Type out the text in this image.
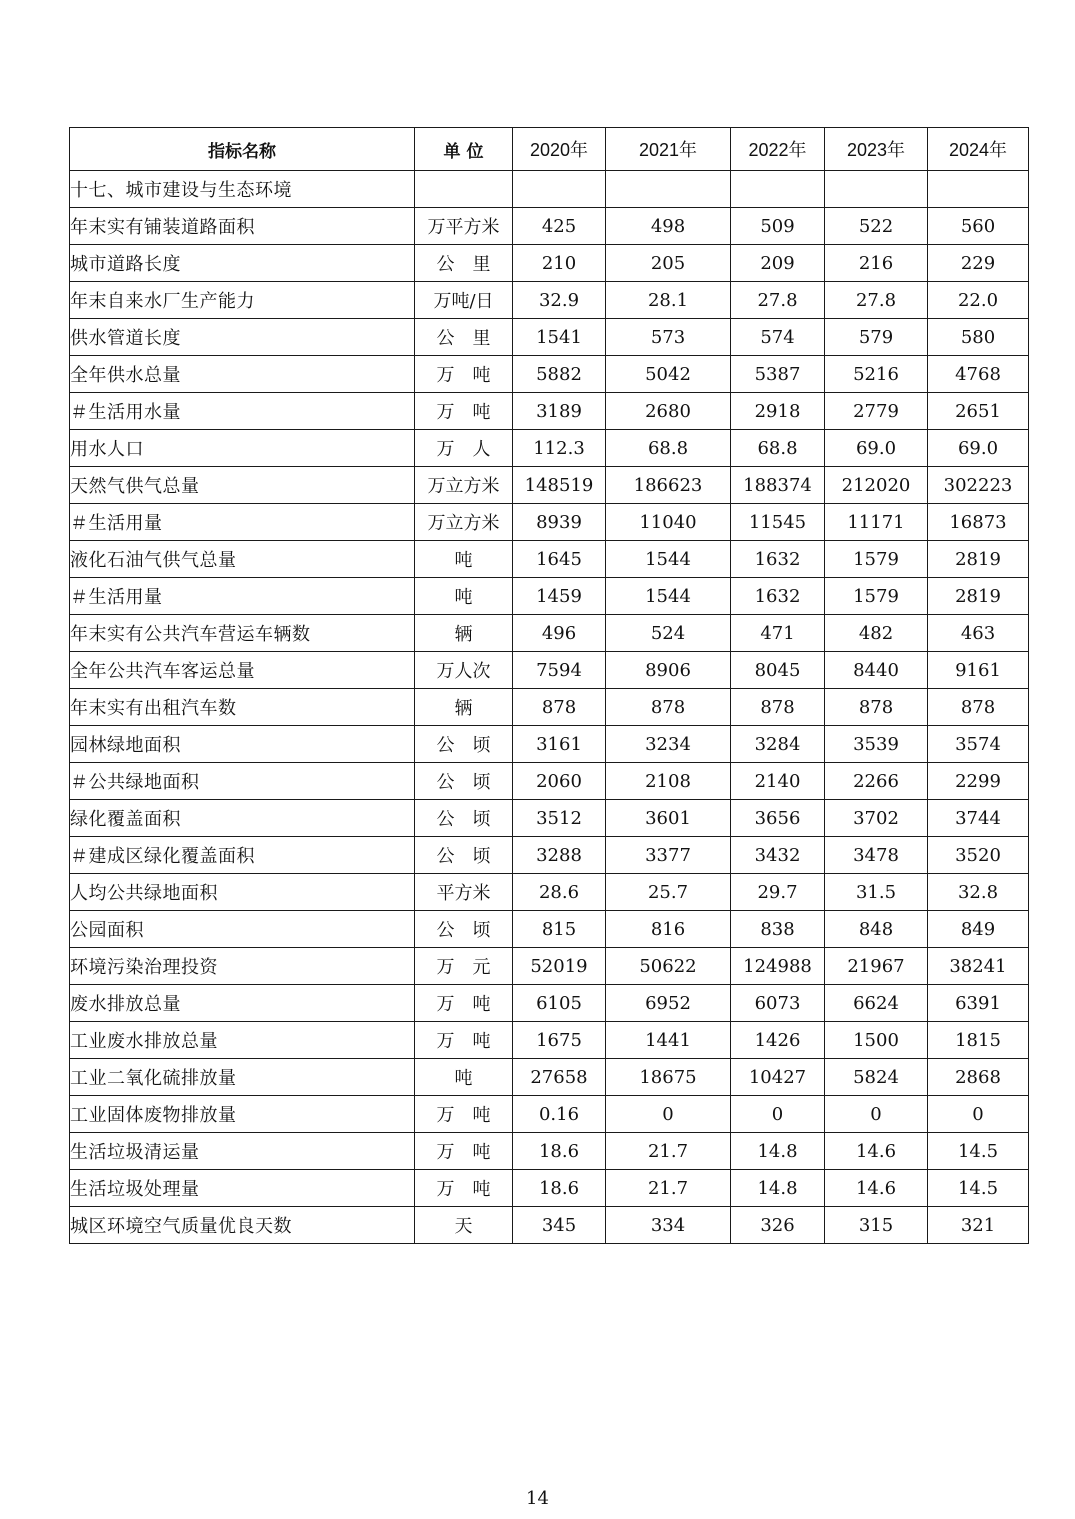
指标名称	单 位	2020年	2021年	2022年	2023年	2024年
十七、城市建设与生态环境						
年末实有铺装道路面积	万平方米	425	498	509	522	560
城市道路长度	公　里	210	205	209	216	229
年末自来水厂生产能力	万吨/日	32.9	28.1	27.8	27.8	22.0
供水管道长度	公　里	1541	573	574	579	580
全年供水总量	万　吨	5882	5042	5387	5216	4768
＃生活用水量	万　吨	3189	2680	2918	2779	2651
用水人口	万　人	112.3	68.8	68.8	69.0	69.0
天然气供气总量	万立方米	148519	186623	188374	212020	302223
＃生活用量	万立方米	8939	11040	11545	11171	16873
液化石油气供气总量	吨	1645	1544	1632	1579	2819
＃生活用量	吨	1459	1544	1632	1579	2819
年末实有公共汽车营运车辆数	辆	496	524	471	482	463
全年公共汽车客运总量	万人次	7594	8906	8045	8440	9161
年末实有出租汽车数	辆	878	878	878	878	878
园林绿地面积	公　顷	3161	3234	3284	3539	3574
＃公共绿地面积	公　顷	2060	2108	2140	2266	2299
绿化覆盖面积	公　顷	3512	3601	3656	3702	3744
＃建成区绿化覆盖面积	公　顷	3288	3377	3432	3478	3520
人均公共绿地面积	平方米	28.6	25.7	29.7	31.5	32.8
公园面积	公　顷	815	816	838	848	849
环境污染治理投资	万　元	52019	50622	124988	21967	38241
废水排放总量	万　吨	6105	6952	6073	6624	6391
工业废水排放总量	万　吨	1675	1441	1426	1500	1815
工业二氧化硫排放量	吨	27658	18675	10427	5824	2868
工业固体废物排放量	万　吨	0.16	0	0	0	0
生活垃圾清运量	万　吨	18.6	21.7	14.8	14.6	14.5
生活垃圾处理量	万　吨	18.6	21.7	14.8	14.6	14.5
城区环境空气质量优良天数	天	345	334	326	315	321
14
